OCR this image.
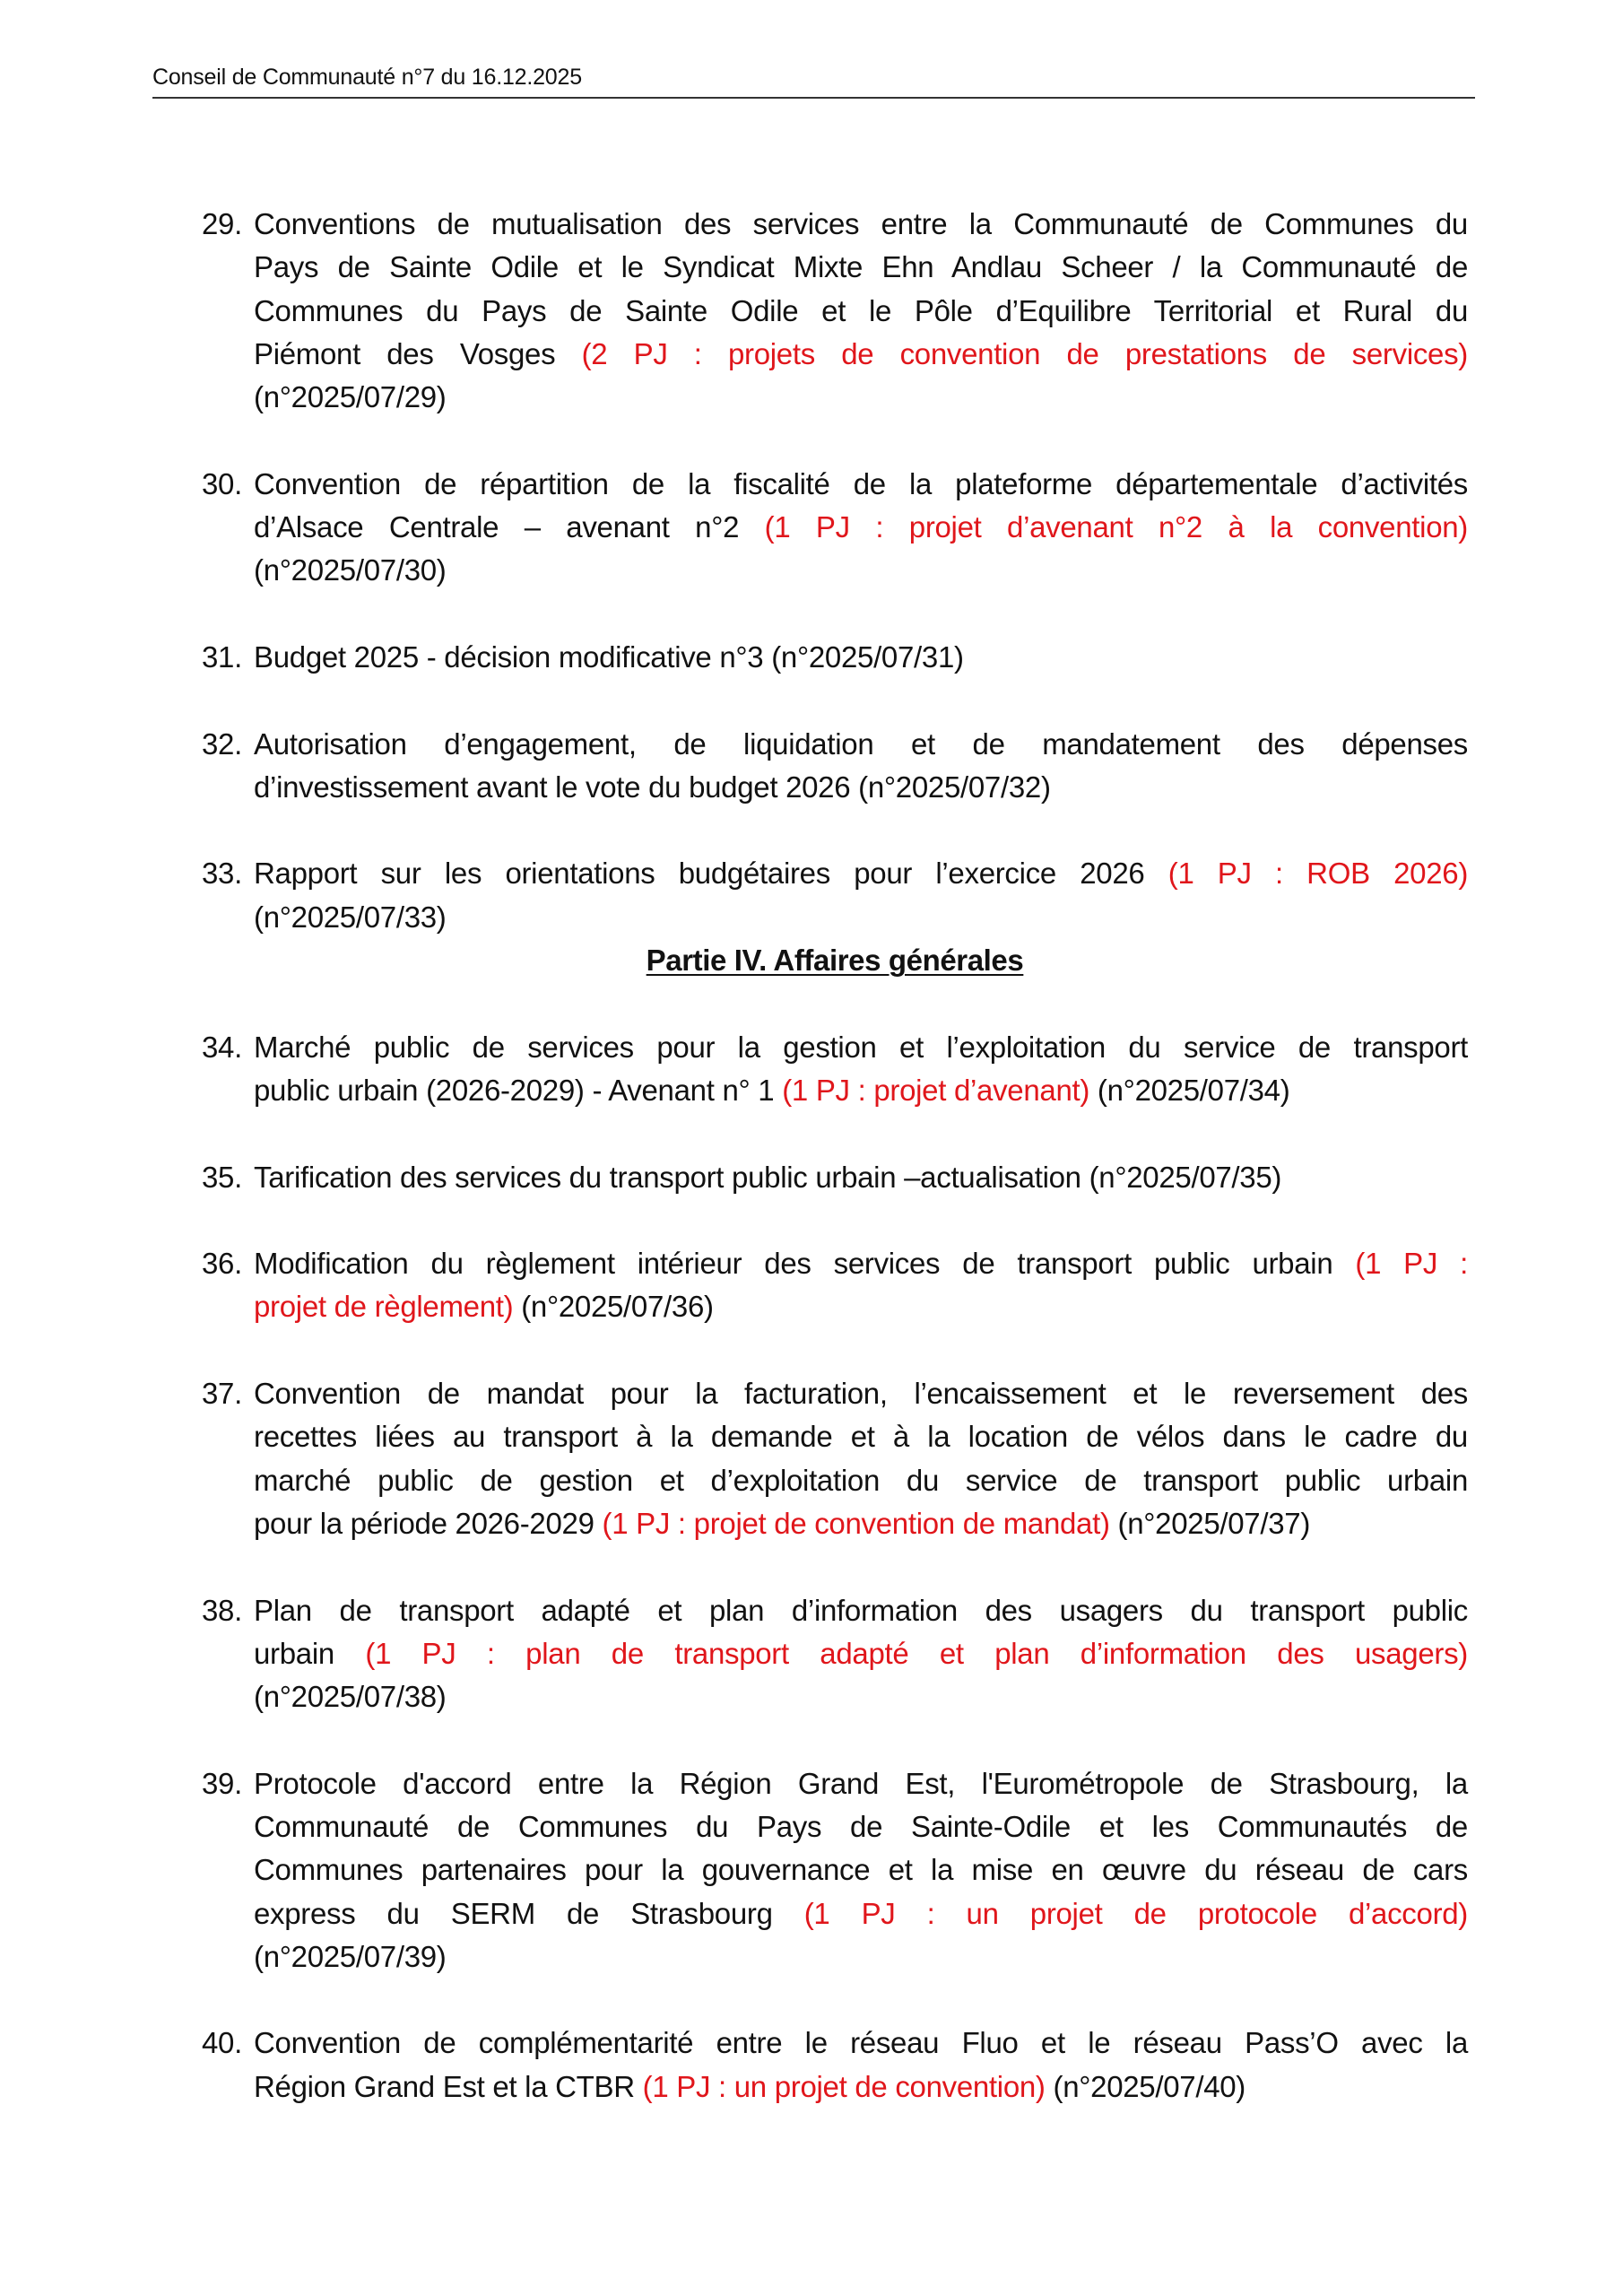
Conseil de Communauté n°7 du 16.12.2025
29. Conventions de mutualisation des services entre la Communauté de Communes du
Pays de Sainte Odile et le Syndicat Mixte Ehn Andlau Scheer / la Communauté de
Communes du Pays de Sainte Odile et le Pôle d’Equilibre Territorial et Rural du
Piémont des Vosges (2 PJ : projets de convention de prestations de services)
(n°2025/07/29)
30. Convention de répartition de la fiscalité de la plateforme départementale d’activités
d’Alsace Centrale – avenant n°2 (1 PJ : projet d’avenant n°2 à la convention)
(n°2025/07/30)
31. Budget 2025 - décision modificative n°3 (n°2025/07/31)
32. Autorisation d’engagement, de liquidation et de mandatement des dépenses
d’investissement avant le vote du budget 2026 (n°2025/07/32)
33. Rapport sur les orientations budgétaires pour l’exercice 2026 (1 PJ : ROB 2026)
(n°2025/07/33)
Partie IV. Affaires générales
34. Marché public de services pour la gestion et l’exploitation du service de transport
public urbain (2026-2029) - Avenant n° 1 (1 PJ : projet d’avenant) (n°2025/07/34)
35. Tarification des services du transport public urbain –actualisation (n°2025/07/35)
36. Modification du règlement intérieur des services de transport public urbain (1 PJ :
projet de règlement) (n°2025/07/36)
37. Convention de mandat pour la facturation, l’encaissement et le reversement des
recettes liées au transport à la demande et à la location de vélos dans le cadre du
marché public de gestion et d’exploitation du service de transport public urbain
pour la période 2026-2029 (1 PJ : projet de convention de mandat) (n°2025/07/37)
38. Plan de transport adapté et plan d’information des usagers du transport public
urbain (1 PJ : plan de transport adapté et plan d’information des usagers)
(n°2025/07/38)
39. Protocole d'accord entre la Région Grand Est, l'Eurométropole de Strasbourg, la
Communauté de Communes du Pays de Sainte-Odile et les Communautés de
Communes partenaires pour la gouvernance et la mise en œuvre du réseau de cars
express du SERM de Strasbourg (1 PJ : un projet de protocole d’accord)
(n°2025/07/39)
40. Convention de complémentarité entre le réseau Fluo et le réseau Pass’O avec la
Région Grand Est et la CTBR (1 PJ : un projet de convention) (n°2025/07/40)
